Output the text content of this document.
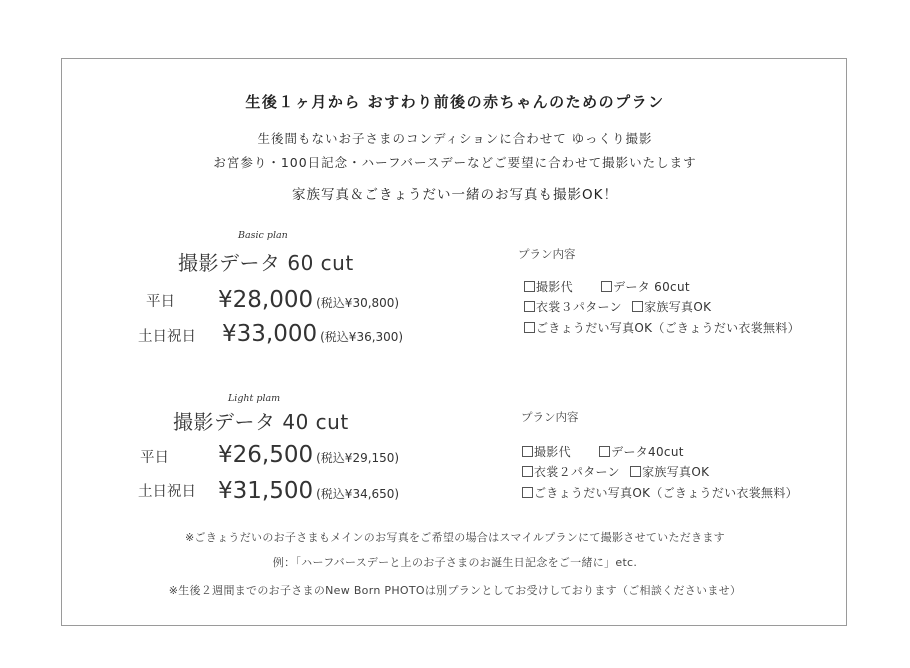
生後１ヶ月から おすわり前後の赤ちゃんのためのプラン
生後間もないお子さまのコンディションに合わせて ゆっくり撮影
お宮参り・100日記念・ハーフバースデーなどご要望に合わせて撮影いたします
家族写真＆ごきょうだい一緒のお写真も撮影OK！
Basic plan
撮影データ 60 cut
平日 ¥28,000 (税込¥30,800)
土日祝日 ¥33,000 (税込¥36,300)
プラン内容
撮影代	データ 60cut
衣裳３パターン 家族写真OK
ごきょうだい写真OK（ごきょうだい衣裳無料）
Light plam
撮影データ 40 cut
平日 ¥26,500 (税込¥29,150)
土日祝日 ¥31,500 (税込¥34,650)
プラン内容
撮影代	データ40cut
衣裳２パターン 家族写真OK
ごきょうだい写真OK（ごきょうだい衣裳無料）
※ごきょうだいのお子さまもメインのお写真をご希望の場合はスマイルプランにて撮影させていただきます
例：「ハーフバースデーと上のお子さまのお誕生日記念をご一緒に」etc.
※生後２週間までのお子さまのNew Born PHOTOは別プランとしてお受けしております（ご相談くださいませ）
